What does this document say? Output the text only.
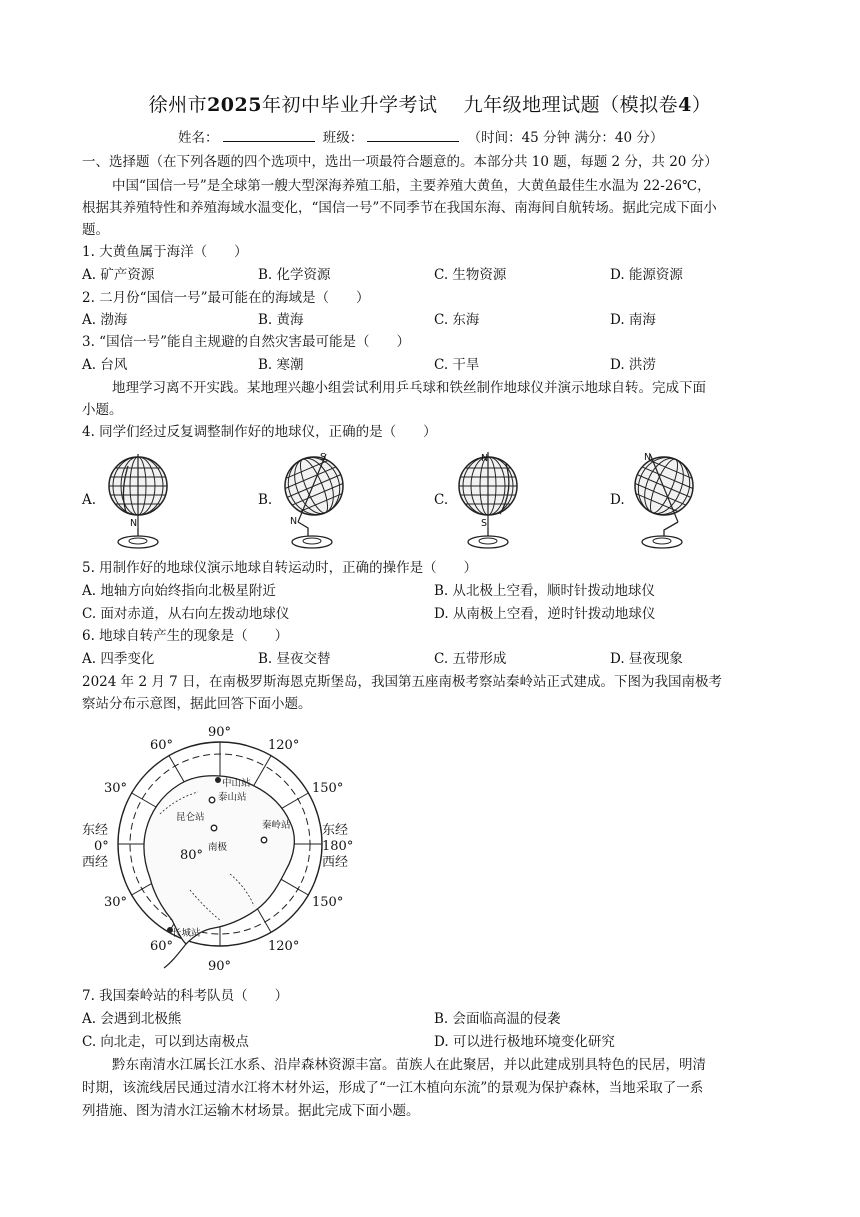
徐州市2025年初中毕业升学考试 九年级地理试题（模拟卷4）
姓名：	班级：	（时间：45 分钟 满分：40 分）
一、选择题（在下列各题的四个选项中，选出一项最符合题意的。本部分共 10 题，每题 2 分，共 20 分）
中国“国信一号”是全球第一艘大型深海养殖工船，主要养殖大黄鱼，大黄鱼最佳生水温为 22-26℃，
根据其养殖特性和养殖海域水温变化，“国信一号”不同季节在我国东海、南海间自航转场。据此完成下面小
题。
1. 大黄鱼属于海洋（　　）
A. 矿产资源	B. 化学资源	C. 生物资源	D. 能源资源
2. 二月份“国信一号”最可能在的海域是（　　）
A. 渤海	B. 黄海	C. 东海	D. 南海
3. “国信一号”能自主规避的自然灾害最可能是（　　）
A. 台风	B. 寒潮	C. 干旱	D. 洪涝
地理学习离不开实践。某地理兴趣小组尝试利用乒乓球和铁丝制作地球仪并演示地球自转。完成下面
小题。
4. 同学们经过反复调整制作好的地球仪，正确的是（　　）
A.	B.	C.	D.
N
S
N
N
S
N
5. 用制作好的地球仪演示地球自转运动时，正确的操作是（　　）
A. 地轴方向始终指向北极星附近	B. 从北极上空看，顺时针拨动地球仪
C. 面对赤道，从右向左拨动地球仪	D. 从南极上空看，逆时针拨动地球仪
6. 地球自转产生的现象是（　　）
A. 四季变化	B. 昼夜交替	C. 五带形成	D. 昼夜现象
2024 年 2 月 7 日，在南极罗斯海恩克斯堡岛，我国第五座南极考察站秦岭站正式建成。下图为我国南极考
察站分布示意图，据此回答下面小题。
90°
60°	120°
30°	150°
东经
0°
西经
东经
180°
西经
30°	150°
60°	120°
90°
80°
中山站
泰山站
昆仑站
秦岭站
南极
长城站
7. 我国秦岭站的科考队员（　　）
A. 会遇到北极熊	B. 会面临高温的侵袭
C. 向北走，可以到达南极点	D. 可以进行极地环境变化研究
黔东南清水江属长江水系、沿岸森林资源丰富。苗族人在此聚居，并以此建成别具特色的民居，明清
时期，该流线居民通过清水江将木材外运，形成了“一江木植向东流”的景观为保护森林，当地采取了一系
列措施、图为清水江运输木材场景。据此完成下面小题。
